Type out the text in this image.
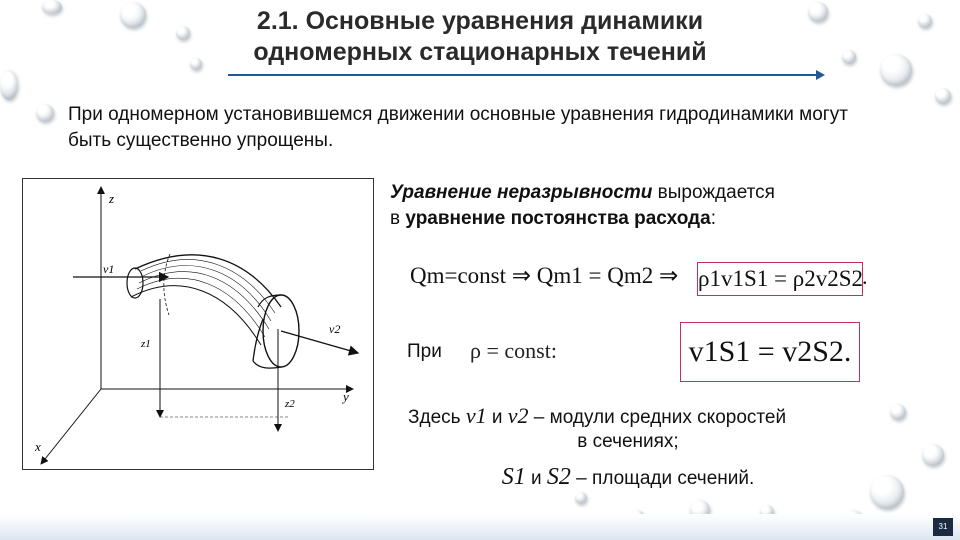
2.1. Основные уравнения динамики
одномерных стационарных течений
При одномерном установившемся движении основные уравнения гидродинамики могут быть существенно упрощены.
z
x
y
v1
v2
z1
z2
Уравнение неразрывности вырождается
в уравнение постоянства расхода:
Qm=const ⇒ Qm1 = Qm2 ⇒ ρ1v1S1 = ρ2v2S2
.
При ρ = const:	v1S1 = v2S2.
Здесь v1 и v2 – модули средних скоростей
в сечениях;
S1 и S2 – площади сечений.
31
